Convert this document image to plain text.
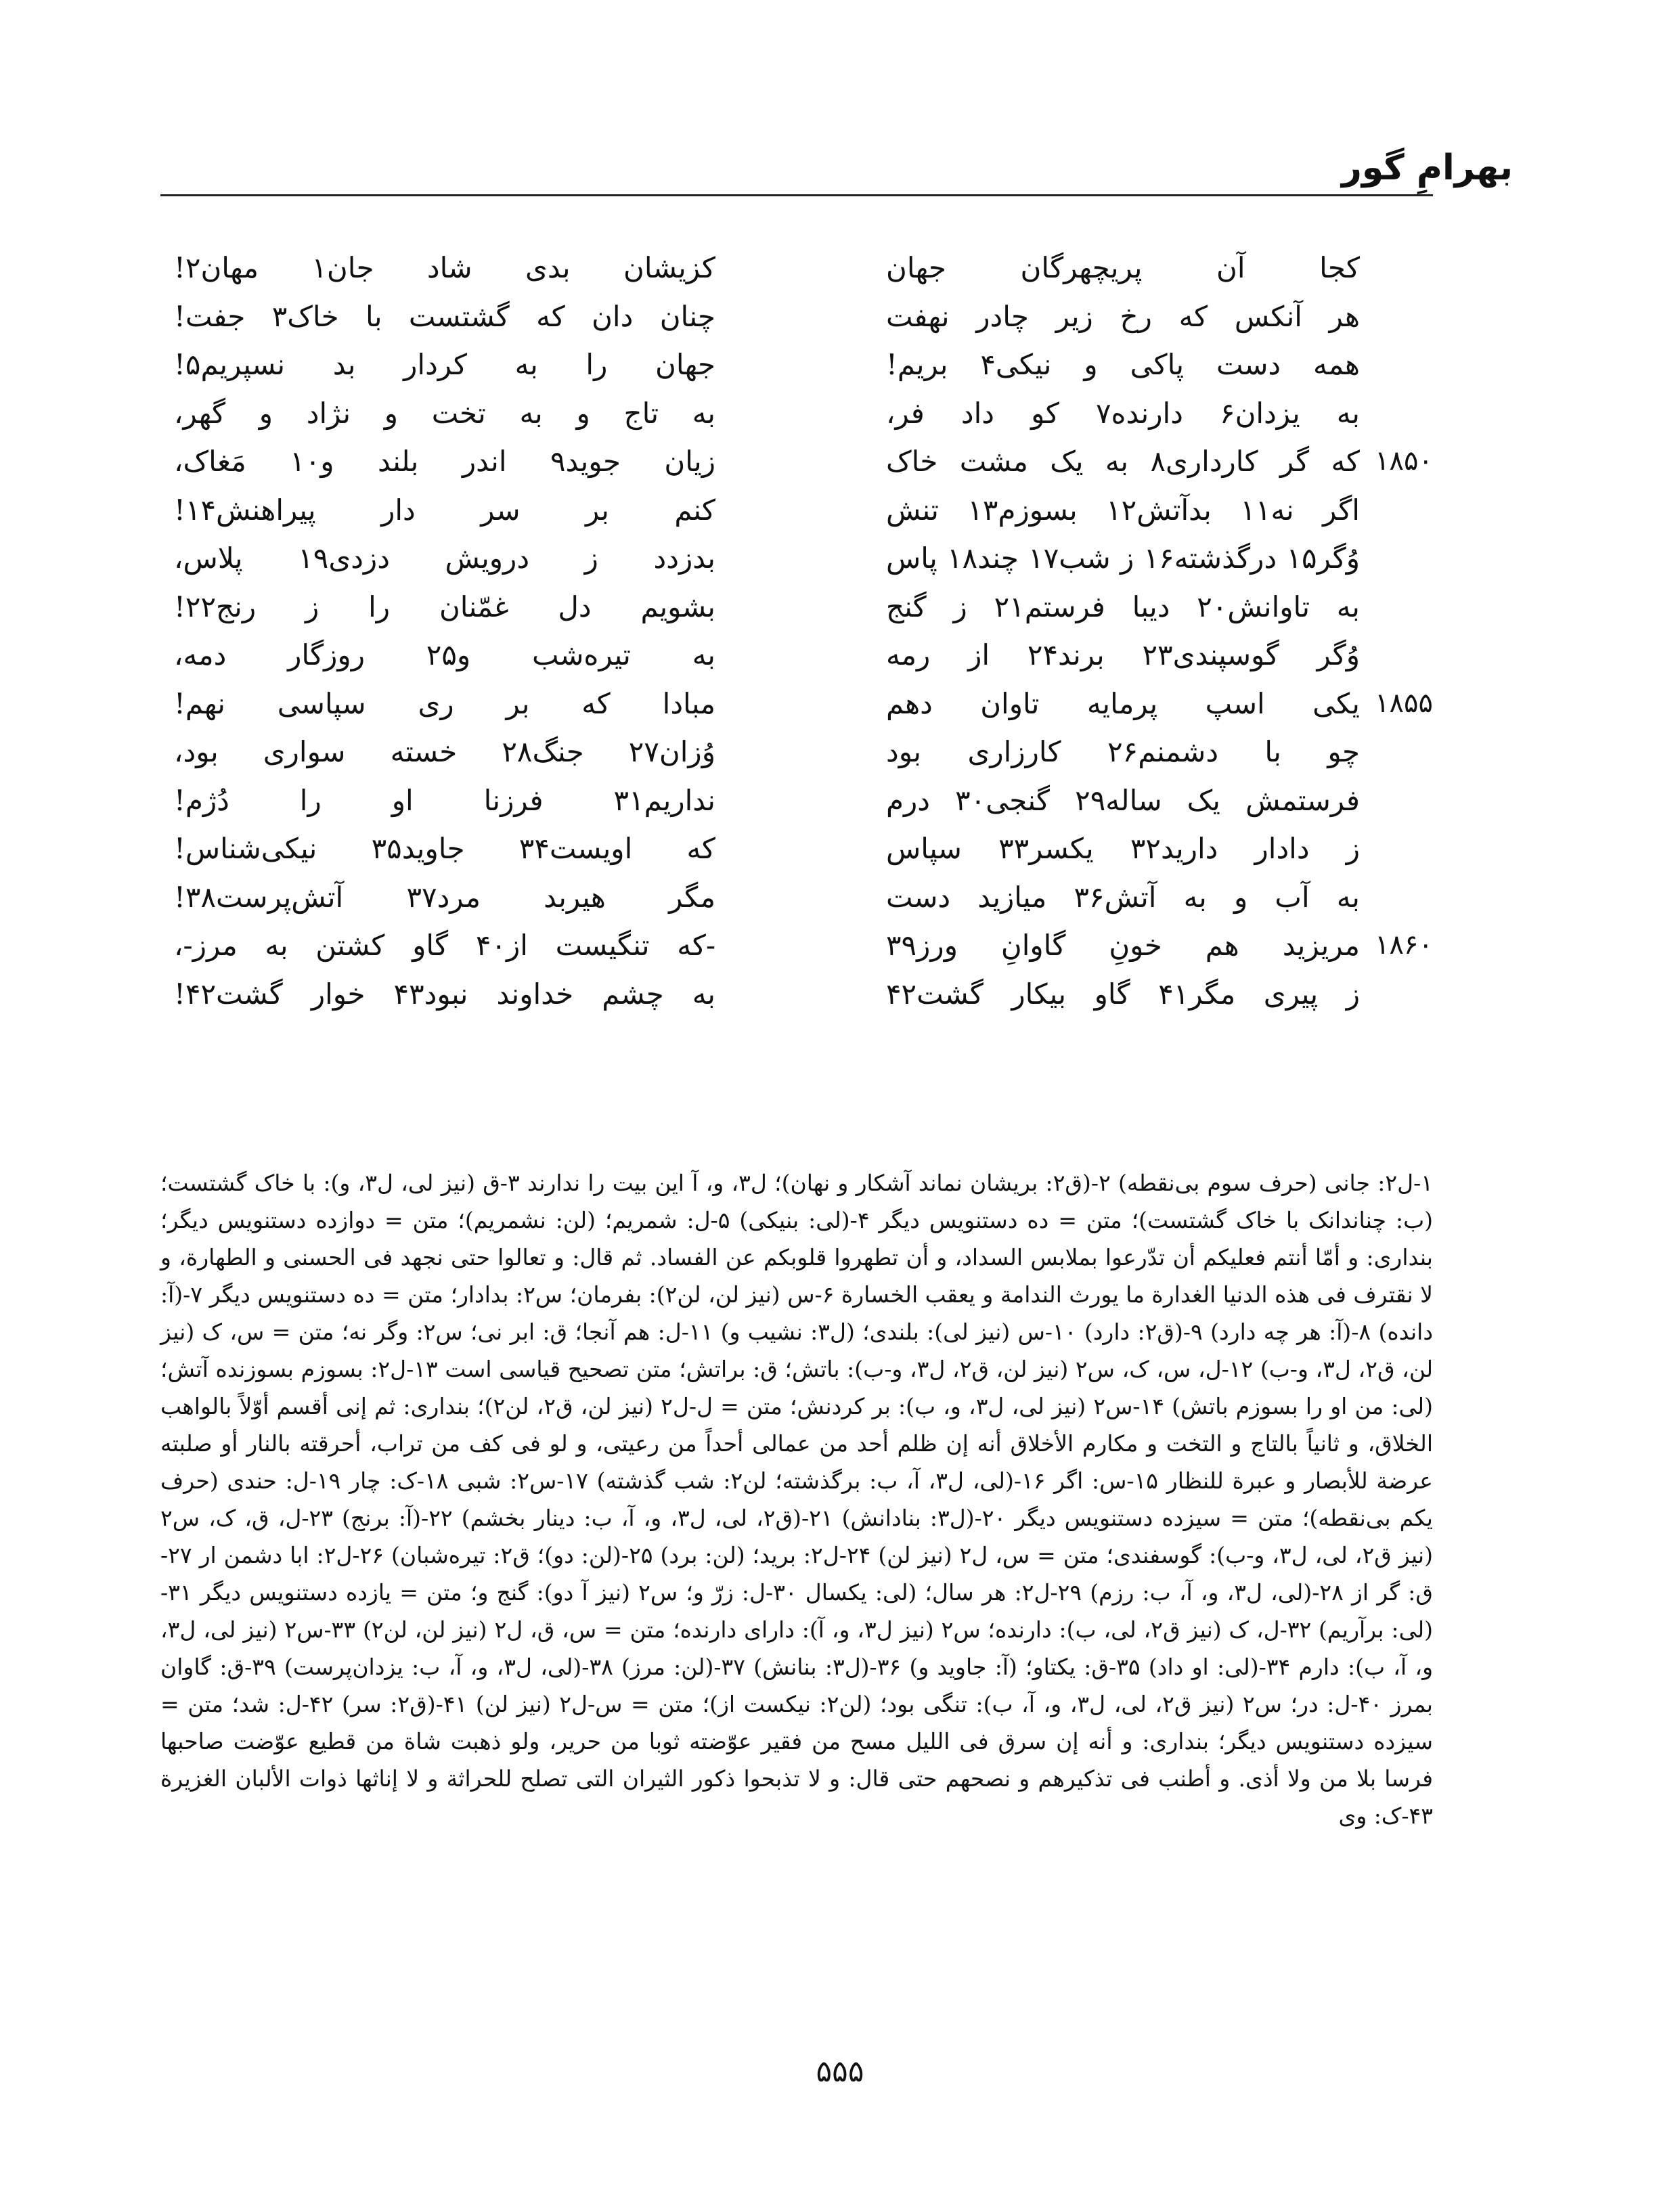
بهرامِ گور
کجا آن پریچهرگان جهان
کزیشان بدی شاد جان۱ مهان۲!
هر آنکس که رخ زیر چادر نهفت
چنان دان که گشتست با خاک۳ جفت!
همه دست پاکی و نیکی۴ بریم!
جهان را به کردار بد نسپریم۵!
به یزدان۶ دارنده۷ کو داد فر،
به تاج و به تخت و نژاد و گهر،
۱۸۵۰
که گر کارداری۸ به یک مشت خاک
زیان جوید۹ اندر بلند و۱۰ مَغاک،
اگر نه۱۱ بدآتش۱۲ بسوزم۱۳ تنش
کنم بر سر دار پیراهنش۱۴!
وُگر۱۵ درگذشته۱۶ ز شب۱۷ چند۱۸ پاس
بدزدد ز درویش دزدی۱۹ پلاس،
به تاوانش۲۰ دیبا فرستم۲۱ ز گنج
بشویم دل غمّنان را ز رنج۲۲!
وُگر گوسپندی۲۳ برند۲۴ از رمه
به تیره‌شب و۲۵ روزگار دمه،
۱۸۵۵
یکی اسپ پرمایه تاوان دهم
مبادا که بر ری سپاسی نهم!
چو با دشمنم۲۶ کارزاری بود
وُزان۲۷ جنگ۲۸ خسته سواری بود،
فرستمش یک ساله۲۹ گنجی۳۰ درم
نداریم۳۱ فرزنا او را دُژم!
ز دادار دارید۳۲ یکسر۳۳ سپاس
که اویست۳۴ جاوید۳۵ نیکی‌شناس!
به آب و به آتش۳۶ میازید دست
مگر هیربد مرد۳۷ آتش‌پرست۳۸!
۱۸۶۰
مریزید هم خونِ گاوانِ ورز۳۹
-که تنگیست از۴۰ گاو کشتن به مرز-،
ز پیری مگر۴۱ گاو بیکار گشت۴۲
به چشم خداوند نبود۴۳ خوار گشت۴۲!

۱-ل۲: جانی (حرف سوم بی‌نقطه) ۲-(ق۲: بریشان نماند آشکار و نهان)؛ ل۳، و، آ این بیت را ندارند ۳-ق (نیز لی، ل۳، و): با خاک گشتست؛ (ب: چناندانک با خاک گشتست)؛ متن = ده دستنویس دیگر ۴-(لی: بنیکی) ۵-ل: شمریم؛ (لن: نشمریم)؛ متن = دوازده دستنویس دیگر؛ بنداری: و أمّا أنتم فعلیکم أن تدّرعوا بملابس السداد، و أن تطهروا قلوبکم عن الفساد. ثم قال: و تعالوا حتی نجهد فی الحسنی و الطهارة، و لا نقترف فی هذه الدنیا الغدارة ما یورث الندامة و یعقب الخسارة ۶-س (نیز لن، لن۲): بفرمان؛ س۲: بدادار؛ متن = ده دستنویس دیگر ۷-(آ: دانده) ۸-(آ: هر چه دارد) ۹-(ق۲: دارد) ۱۰-س (نیز لی): بلندی؛ (ل۳: نشیب و) ۱۱-ل: هم آنجا؛ ق: ابر نی؛ س۲: وگر نه؛ متن = س، ک (نیز لن، ق۲، ل۳، و-ب) ۱۲-ل، س، ک، س۲ (نیز لن، ق۲، ل۳، و-ب): باتش؛ ق: براتش؛ متن تصحیح قیاسی است ۱۳-ل۲: بسوزم بسوزنده آتش؛ (لی: من او را بسوزم باتش) ۱۴-س۲ (نیز لی، ل۳، و، ب): بر کردنش؛ متن = ل-ل۲ (نیز لن، ق۲، لن۲)؛ بنداری: ثم إنی أقسم أوّلاً بالواهب الخلاق، و ثانیاً بالتاج و التخت و مکارم الأخلاق أنه إن ظلم أحد من عمالی أحداً من رعیتی، و لو فی کف من تراب، أحرقته بالنار أو صلبته عرضة للأبصار و عبرة للنظار ۱۵-س: اگر ۱۶-(لی، ل۳، آ، ب: برگذشته؛ لن۲: شب گذشته) ۱۷-س۲: شبی ۱۸-ک: چار ۱۹-ل: حندی (حرف یکم بی‌نقطه)؛ متن = سیزده دستنویس دیگر ۲۰-(ل۳: بنادانش) ۲۱-(ق۲، لی، ل۳، و، آ، ب: دینار بخشم) ۲۲-(آ: برنج) ۲۳-ل، ق، ک، س۲ (نیز ق۲، لی، ل۳، و-ب): گوسفندی؛ متن = س، ل۲ (نیز لن) ۲۴-ل۲: برید؛ (لن: برد) ۲۵-(لن: دو)؛ ق۲: تیره‌شبان) ۲۶-ل۲: ابا دشمن ار ۲۷-ق: گر از ۲۸-(لی، ل۳، و، آ، ب: رزم) ۲۹-ل۲: هر سال؛ (لی: یکسال ۳۰-ل: زرّ و؛ س۲ (نیز آ دو): گنج و؛ متن = یازده دستنویس دیگر ۳۱-(لی: برآریم) ۳۲-ل، ک (نیز ق۲، لی، ب): دارنده؛ س۲ (نیز ل۳، و، آ): دارای دارنده؛ متن = س، ق، ل۲ (نیز لن، لن۲) ۳۳-س۲ (نیز لی، ل۳، و، آ، ب): دارم ۳۴-(لی: او داد) ۳۵-ق: یکتاو؛ (آ: جاوید و) ۳۶-(ل۳: بنانش) ۳۷-(لن: مرز) ۳۸-(لی، ل۳، و، آ، ب: یزدان‌پرست) ۳۹-ق: گاوان بمرز ۴۰-ل: در؛ س۲ (نیز ق۲، لی، ل۳، و، آ، ب): تنگی بود؛ (لن۲: نیکست از)؛ متن = س-ل۲ (نیز لن) ۴۱-(ق۲: سر) ۴۲-ل: شد؛ متن = سیزده دستنویس دیگر؛ بنداری: و أنه إن سرق فی اللیل مسح من فقیر عوّضته ثوبا من حریر، ولو ذهبت شاة من قطیع عوّضت صاحبها فرسا بلا من ولا أذی. و أطنب فی تذکیرهم و نصحهم حتی قال: و لا تذبحوا ذکور الثیران التی تصلح للحراثة و لا إناثها ذوات الألبان الغزیرة ۴۳-ک: وی

۵۵۵
